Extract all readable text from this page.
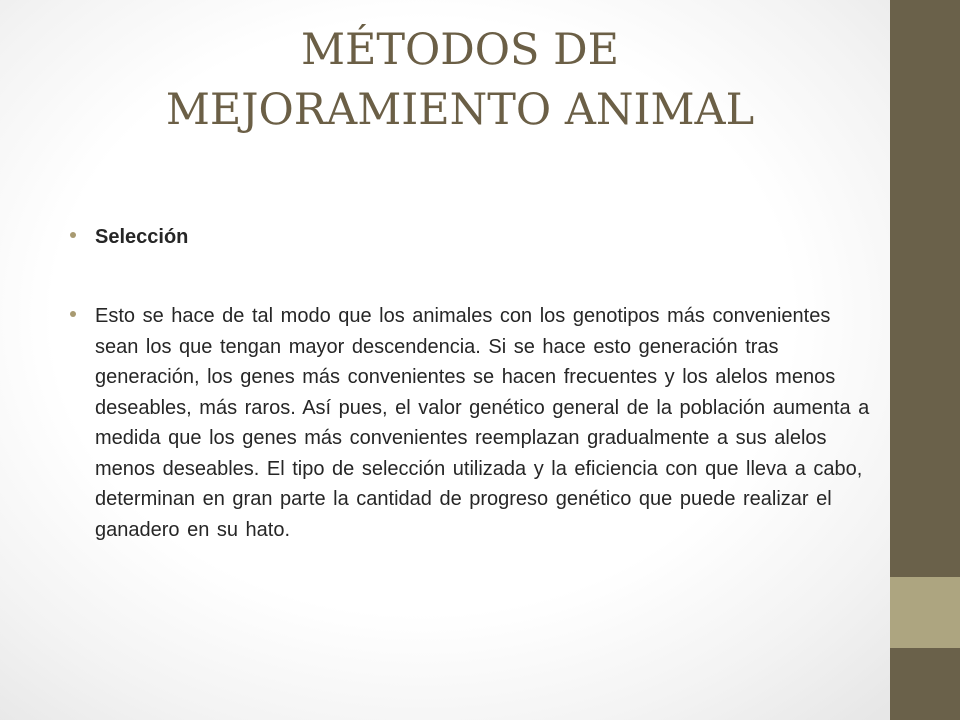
MÉTODOS DE
MEJORAMIENTO ANIMAL
Selección
Esto se hace de tal modo que los animales con los genotipos más convenientes sean los que tengan mayor descendencia. Si se hace esto generación tras generación, los genes más convenientes se hacen frecuentes y los alelos menos deseables, más raros. Así pues, el valor genético general de la población aumenta a medida que los genes más convenientes reemplazan gradualmente a sus alelos menos deseables. El tipo de selección utilizada y la eficiencia con que lleva a cabo, determinan en gran parte la cantidad de progreso genético que puede realizar el ganadero en su hato.
